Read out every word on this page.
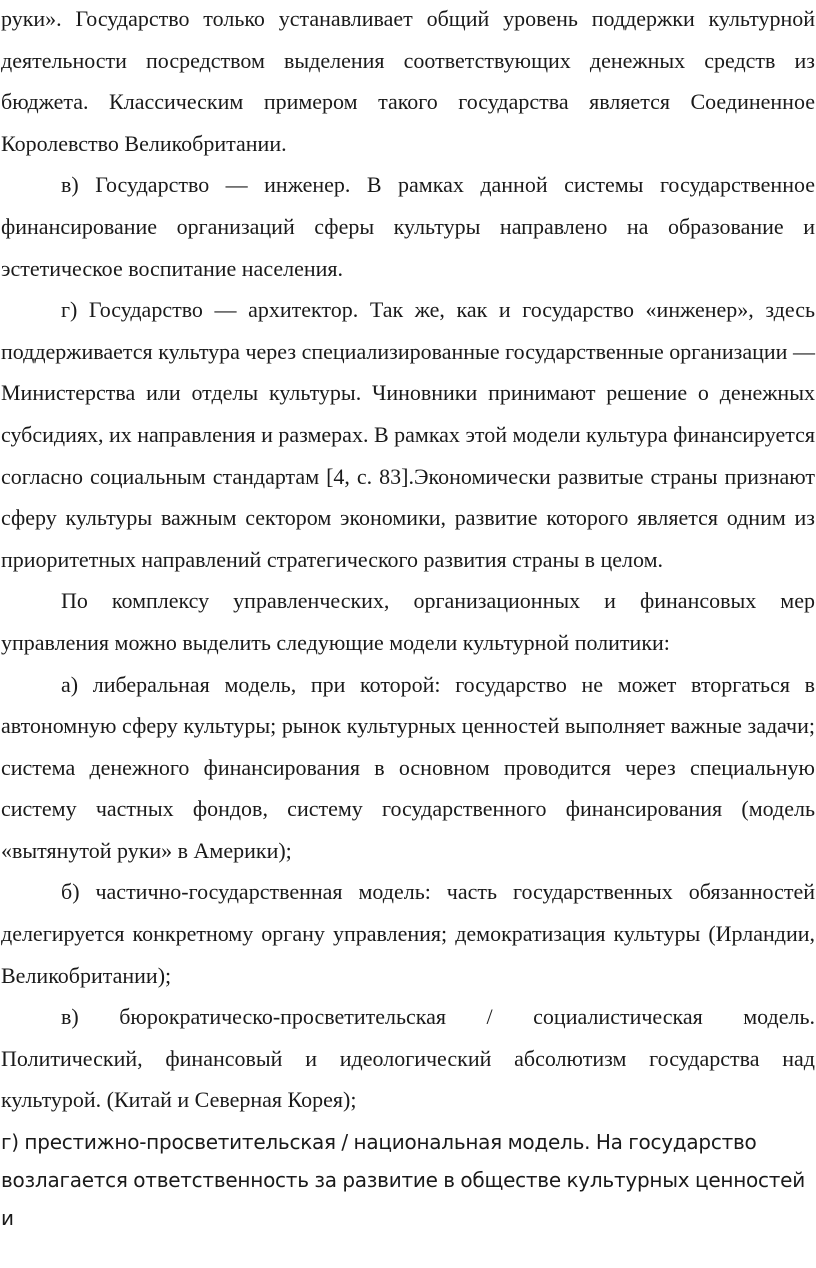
руки». Государство только устанавливает общий уровень поддержки культурной деятельности посредством выделения соответствующих денежных средств из бюджета. Классическим примером такого государства является Соединенное Королевство Великобритании.

в) Государство — инженер. В рамках данной системы государственное финансирование организаций сферы культуры направлено на образование и эстетическое воспитание населения.

г) Государство — архитектор. Так же, как и государство «инженер», здесь поддерживается культура через специализированные государственные организации — Министерства или отделы культуры. Чиновники принимают решение о денежных субсидиях, их направления и размерах. В рамках этой модели культура финансируется согласно социальным стандартам [4, с. 83].Экономически развитые страны признают сферу культуры важным сектором экономики, развитие которого является одним из приоритетных направлений стратегического развития страны в целом.

По комплексу управленческих, организационных и финансовых мер управления можно выделить следующие модели культурной политики:

а) либеральная модель, при которой: государство не может вторгаться в автономную сферу культуры; рынок культурных ценностей выполняет важные задачи; система денежного финансирования в основном проводится через специальную систему частных фондов, систему государственного финансирования (модель «вытянутой руки» в Америки);

б) частично-государственная модель: часть государственных обязанностей делегируется конкретному органу управления; демократизация культуры (Ирландии, Великобритании);

в) бюрократическо-просветительская / социалистическая модель. Политический, финансовый и идеологический абсолютизм государства над культурой. (Китай и Северная Корея);

г) престижно-просветительская / национальная модель. На государство возлагается ответственность за развитие в обществе культурных ценностей и
